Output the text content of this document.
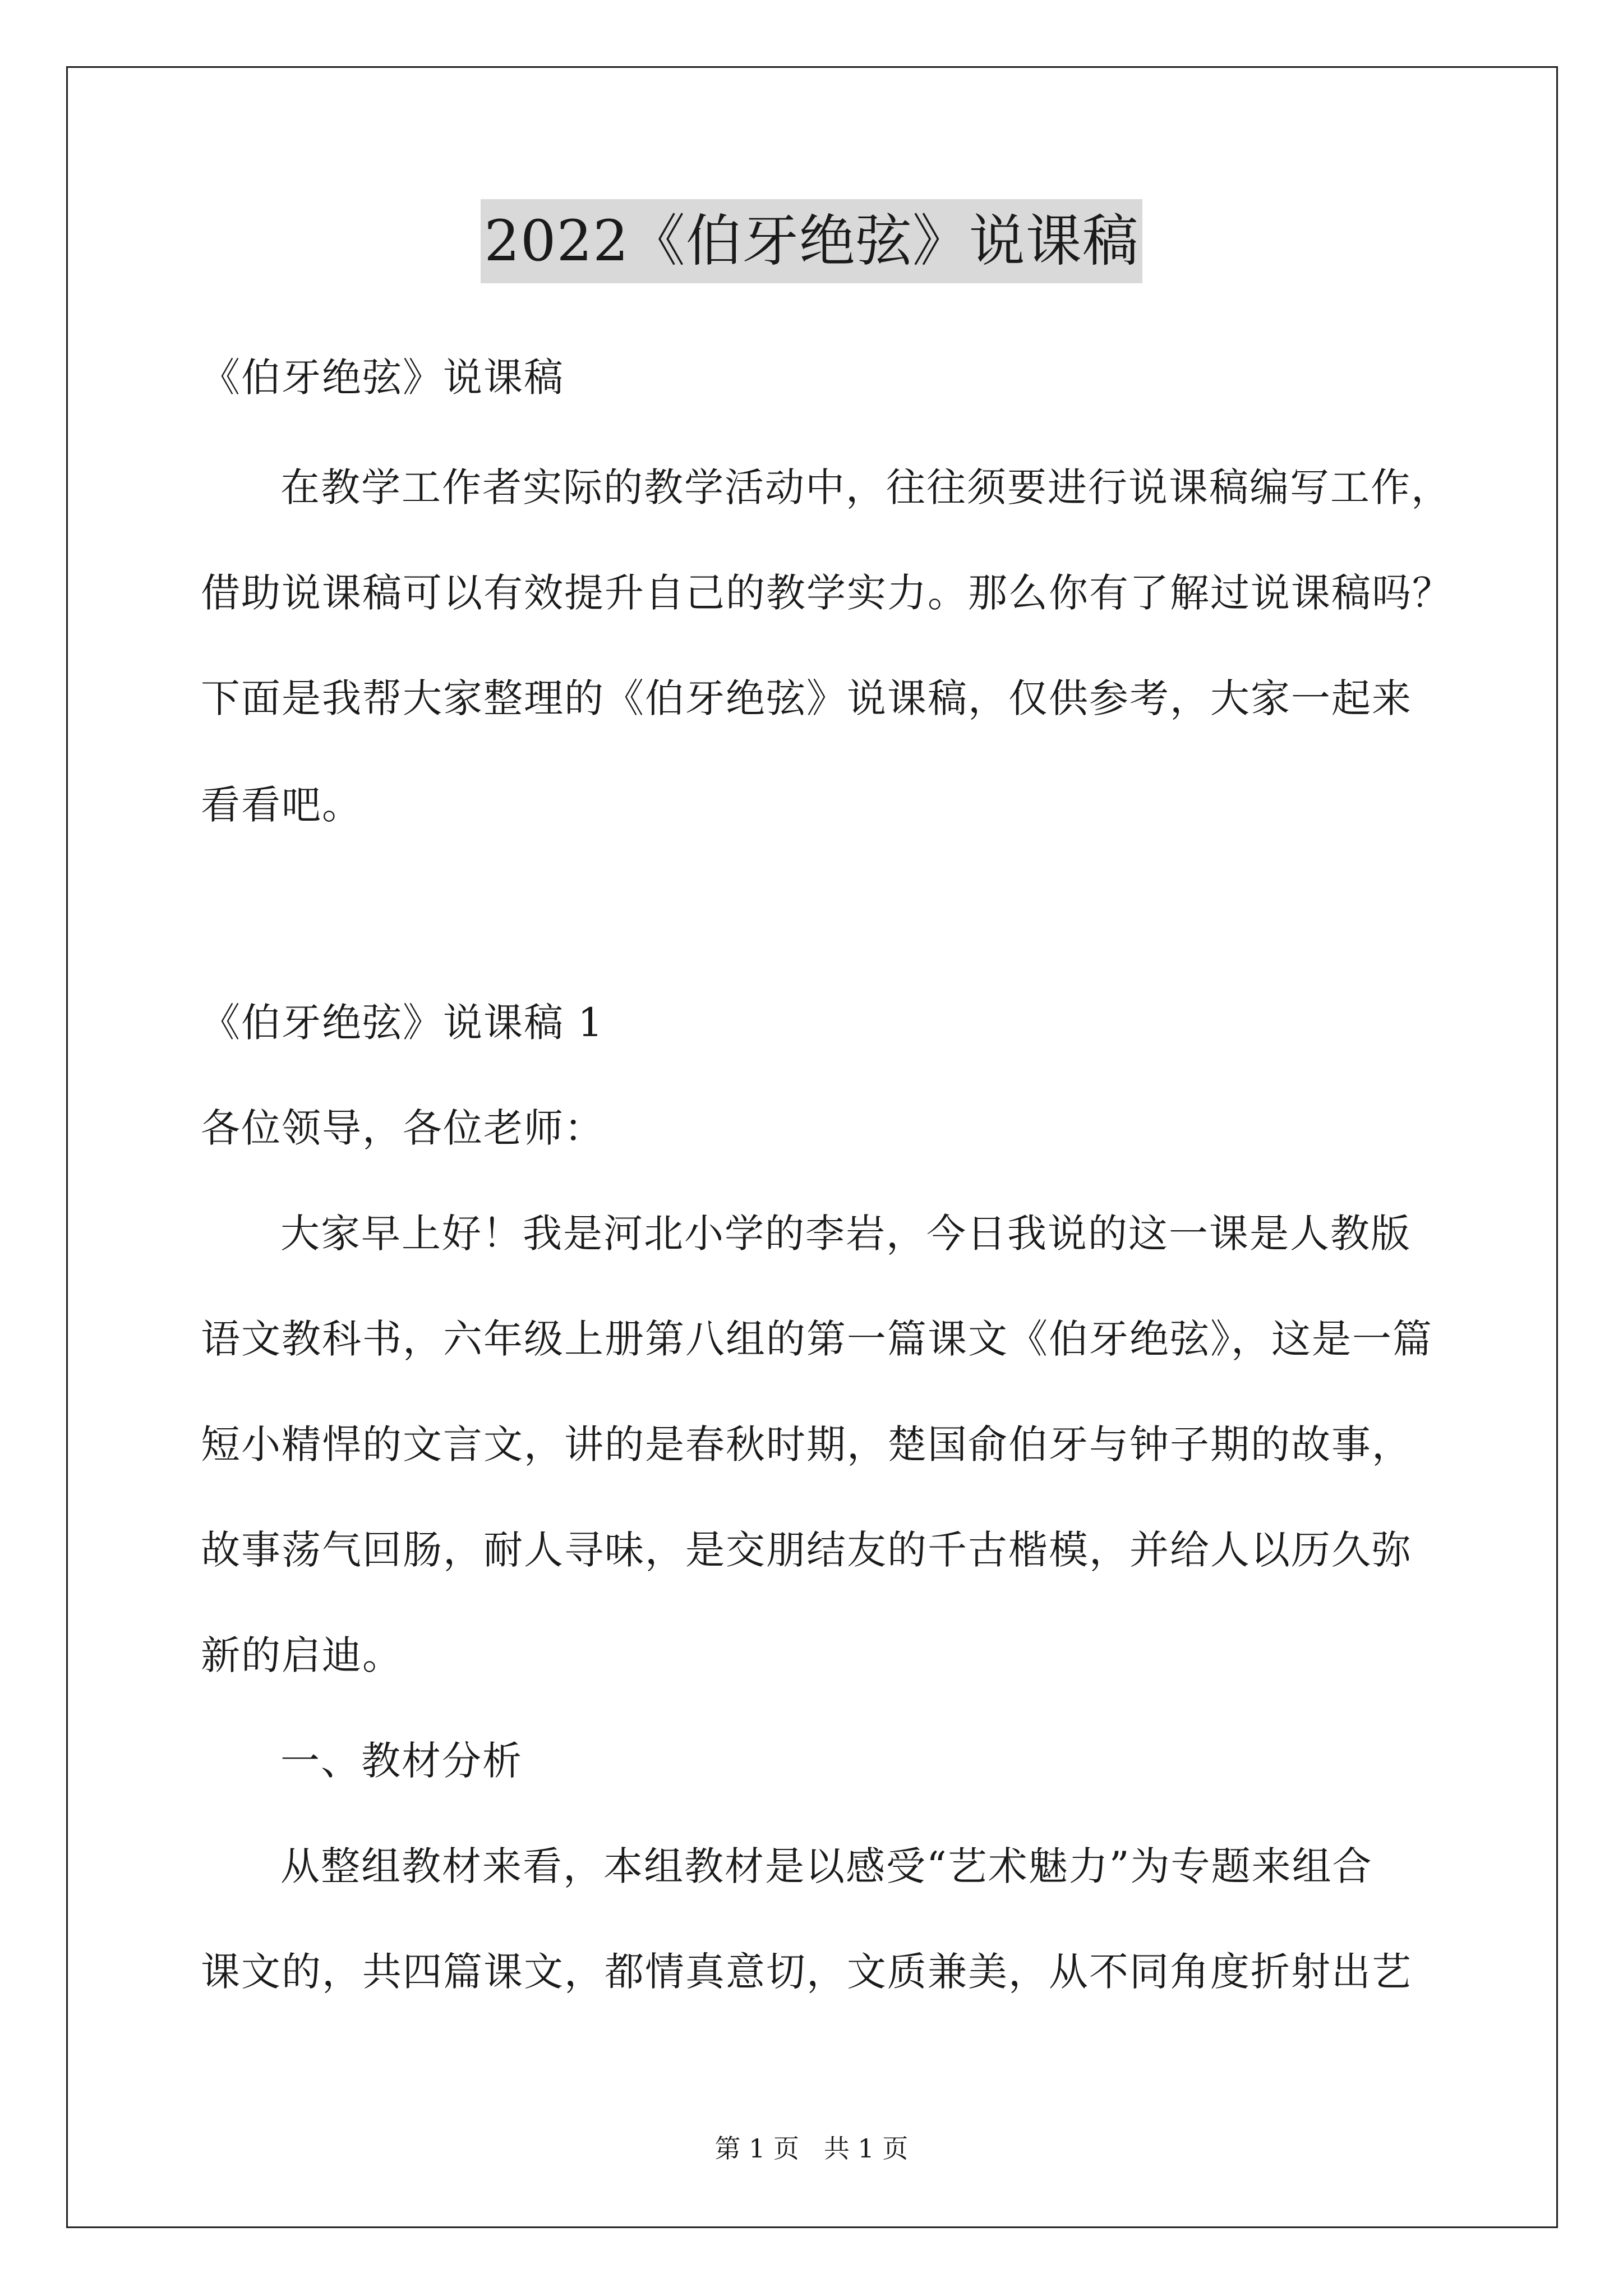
2022《伯牙绝弦》说课稿
《伯牙绝弦》说课稿
在教学工作者实际的教学活动中，往往须要进行说课稿编写工作，
借助说课稿可以有效提升自己的教学实力。那么你有了解过说课稿吗？
下面是我帮大家整理的《伯牙绝弦》说课稿，仅供参考，大家一起来
看看吧。
《伯牙绝弦》说课稿 1
各位领导，各位老师：
大家早上好！我是河北小学的李岩，今日我说的这一课是人教版
语文教科书，六年级上册第八组的第一篇课文《伯牙绝弦》，这是一篇
短小精悍的文言文，讲的是春秋时期，楚国俞伯牙与钟子期的故事，
故事荡气回肠，耐人寻味，是交朋结友的千古楷模，并给人以历久弥
新的启迪。
一、教材分析
从整组教材来看，本组教材是以感受“艺术魅力”为专题来组合
课文的，共四篇课文，都情真意切，文质兼美，从不同角度折射出艺
第 1 页   共 1 页
